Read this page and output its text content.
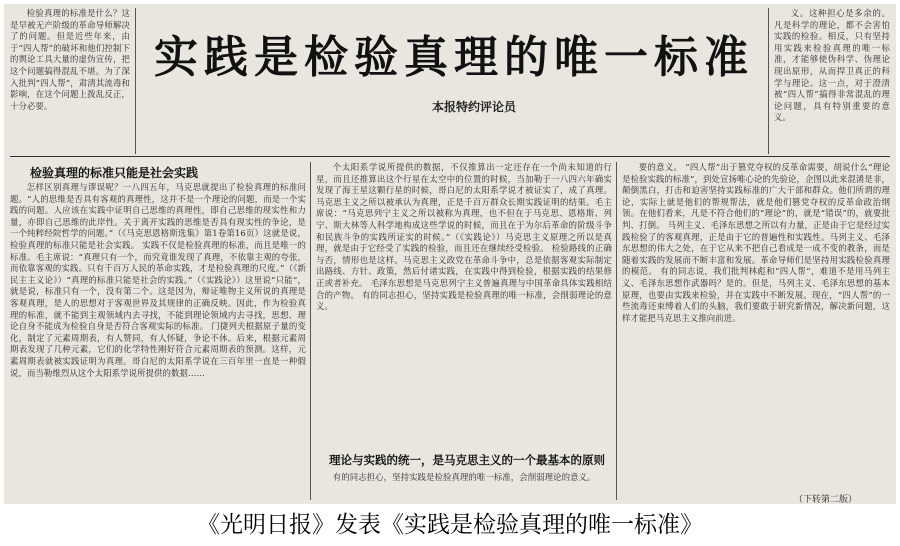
检验真理的标准是什么？这是早被无产阶级的革命导师解决了的问题。但是近些年来，由于“四人帮”的破坏和他们控制下的舆论工具大量的虚伪宣传，把这个问题搞得混乱不堪。为了深入批判“四人帮”，肃清其流毒和影响，在这个问题上拨乱反正，十分必要。

实践是检验真理的唯一标准
本报特约评论员

义。这种担心是多余的。凡是科学的理论，都不会害怕实践的检验。相反，只有坚持用实践来检验真理的唯一标准，才能够使伪科学、伪理论现出原形，从而捍卫真正的科学与理论。这一点，对于澄清被“四人帮”搞得非常混乱的理论问题，具有特别重要的意义。

检验真理的标准只能是社会实践

怎样区别真理与谬误呢？一八四五年，马克思就提出了检验真理的标准问题。“人的思维是否具有客观的真理性，这并不是一个理论的问题，而是一个实践的问题。人应该在实践中证明自己思维的真理性，即自己思维的现实性和力量，亦即自己思维的此岸性。关于离开实践的思维是否具有现实性的争论，是一个纯粹经院哲学的问题。”（《马克思恩格斯选集》第1卷第16页）这就是说，检验真理的标准只能是社会实践。 实践不仅是检验真理的标准，而且是唯一的标准。毛主席说：“真理只有一个，而究竟谁发现了真理，不依靠主观的夸张，而依靠客观的实践。只有千百万人民的革命实践，才是检验真理的尺度。”（《新民主主义论》）“真理的标准只能是社会的实践。”（《实践论》）这里说“只能”，就是说，标准只有一个，没有第二个。这是因为，辩证唯物主义所说的真理是客观真理，是人的思想对于客观世界及其规律的正确反映。因此，作为检验真理的标准，就不能到主观领域内去寻找，不能到理论领域内去寻找，思想、理论自身不能成为检验自身是否符合客观实际的标准。 门捷列夫根据原子量的变化，制定了元素周期表，有人赞同，有人怀疑，争论不休。后来，根据元素周期表发现了几种元素，它们的化学特性刚好符合元素周期表的预测。这样，元素周期表就被实践证明为真理。哥白尼的太阳系学说在三百年里一直是一种假说，而当勒维烈从这个太阳系学说所提供的数据……

个太阳系学说所提供的数据，不仅推算出一定还存在一个尚未知道的行星，而且还推算出这个行星在太空中的位置的时候，当加勒于一八四六年确实发现了海王星这颗行星的时候，哥白尼的太阳系学说才被证实了，成了真理。 马克思主义之所以被承认为真理，正是千百万群众长期实践证明的结果。毛主席说：“马克思列宁主义之所以被称为真理，也不但在于马克思、恩格斯、列宁、斯大林等人科学地构成这些学说的时候，而且在于为尔后革命的阶级斗争和民族斗争的实践所证实的时候。”（《实践论》）马克思主义原理之所以是真理，就是由于它经受了实践的检验，而且还在继续经受检验。 检验路线的正确与否，情形也是这样。马克思主义政党在革命斗争中，总是依据客观实际制定出路线、方针、政策，然后付诸实践，在实践中得到检验，根据实践的结果修正或者补充。 毛泽东思想是马克思列宁主义普遍真理与中国革命具体实践相结合的产物。 有的同志担心，坚持实践是检验真理的唯一标准，会削弱理论的意义。

理论与实践的统一，是马克思主义的一个最基本的原则

有的同志担心，坚持实践是检验真理的唯一标准，会削弱理论的意义。

要的意义。 “四人帮”出于篡党夺权的反革命需要，胡说什么“理论是检验实践的标准”，到处宣扬唯心论的先验论，企图以此来混淆是非，颠倒黑白，打击和迫害坚持实践标准的广大干部和群众。他们所谓的理论，实际上就是他们的帮规帮法，就是他们篡党夺权的反革命政治纲领。在他们看来，凡是不符合他们的“理论”的，就是“错误”的，就要批判、打倒。 马列主义、毛泽东思想之所以有力量，正是由于它是经过实践检验了的客观真理，正是由于它的普遍性和实践性。马列主义、毛泽东思想的伟大之处，在于它从来不把自己看成是一成不变的教条，而是随着实践的发展而不断丰富和发展。革命导师们是坚持用实践检验真理的模范。 有的同志说，我们批判林彪和“四人帮”，难道不是用马列主义、毛泽东思想作武器吗？是的。但是，马列主义、毛泽东思想的基本原理，也要由实践来检验，并在实践中不断发展。现在，“四人帮”的一些流毒还束缚着人们的头脑，我们要敢于研究新情况，解决新问题，这样才能把马克思主义推向前进。

（下转第二版）
《光明日报》发表《实践是检验真理的唯一标准》
